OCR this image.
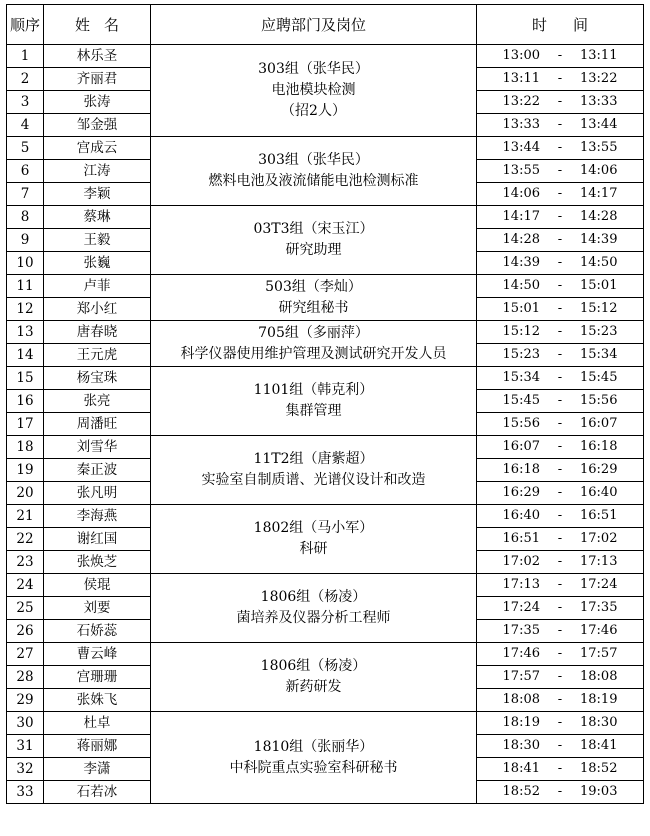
顺序	姓名	应聘部门及岗位	时间
1	林乐圣	303组（张华民）
电池模块检测
（招2人）	13:00 - 13:11
2	齐丽君		13:11 - 13:22
3	张涛		13:22 - 13:33
4	邹金强		13:33 - 13:44
5	宫成云	303组（张华民）
燃料电池及液流储能电池检测标准	13:44 - 13:55
6	江涛		13:55 - 14:06
7	李颖		14:06 - 14:17
8	蔡琳	03T3组（宋玉江）
研究助理	14:17 - 14:28
9	王毅		14:28 - 14:39
10	张巍		14:39 - 14:50
11	卢菲	503组（李灿）
研究组秘书	14:50 - 15:01
12	郑小红		15:01 - 15:12
13	唐春晓	705组（多丽萍）
科学仪器使用维护管理及测试研究开发人员	15:12 - 15:23
14	王元虎		15:23 - 15:34
15	杨宝珠	1101组（韩克利）
集群管理	15:34 - 15:45
16	张亮		15:45 - 15:56
17	周潘旺		15:56 - 16:07
18	刘雪华	11T2组（唐紫超）
实验室自制质谱、光谱仪设计和改造	16:07 - 16:18
19	秦正波		16:18 - 16:29
20	张凡明		16:29 - 16:40
21	李海燕	1802组（马小军）
科研	16:40 - 16:51
22	谢红国		16:51 - 17:02
23	张焕芝		17:02 - 17:13
24	侯琨	1806组（杨凌）
菌培养及仪器分析工程师	17:13 - 17:24
25	刘要		17:24 - 17:35
26	石娇蕊		17:35 - 17:46
27	曹云峰	1806组（杨凌）
新药研发	17:46 - 17:57
28	宫珊珊		17:57 - 18:08
29	张姝飞		18:08 - 18:19
30	杜卓	1810组（张丽华）
中科院重点实验室科研秘书	18:19 - 18:30
31	蒋丽娜		18:30 - 18:41
32	李潇		18:41 - 18:52
33	石若冰		18:52 - 19:03
